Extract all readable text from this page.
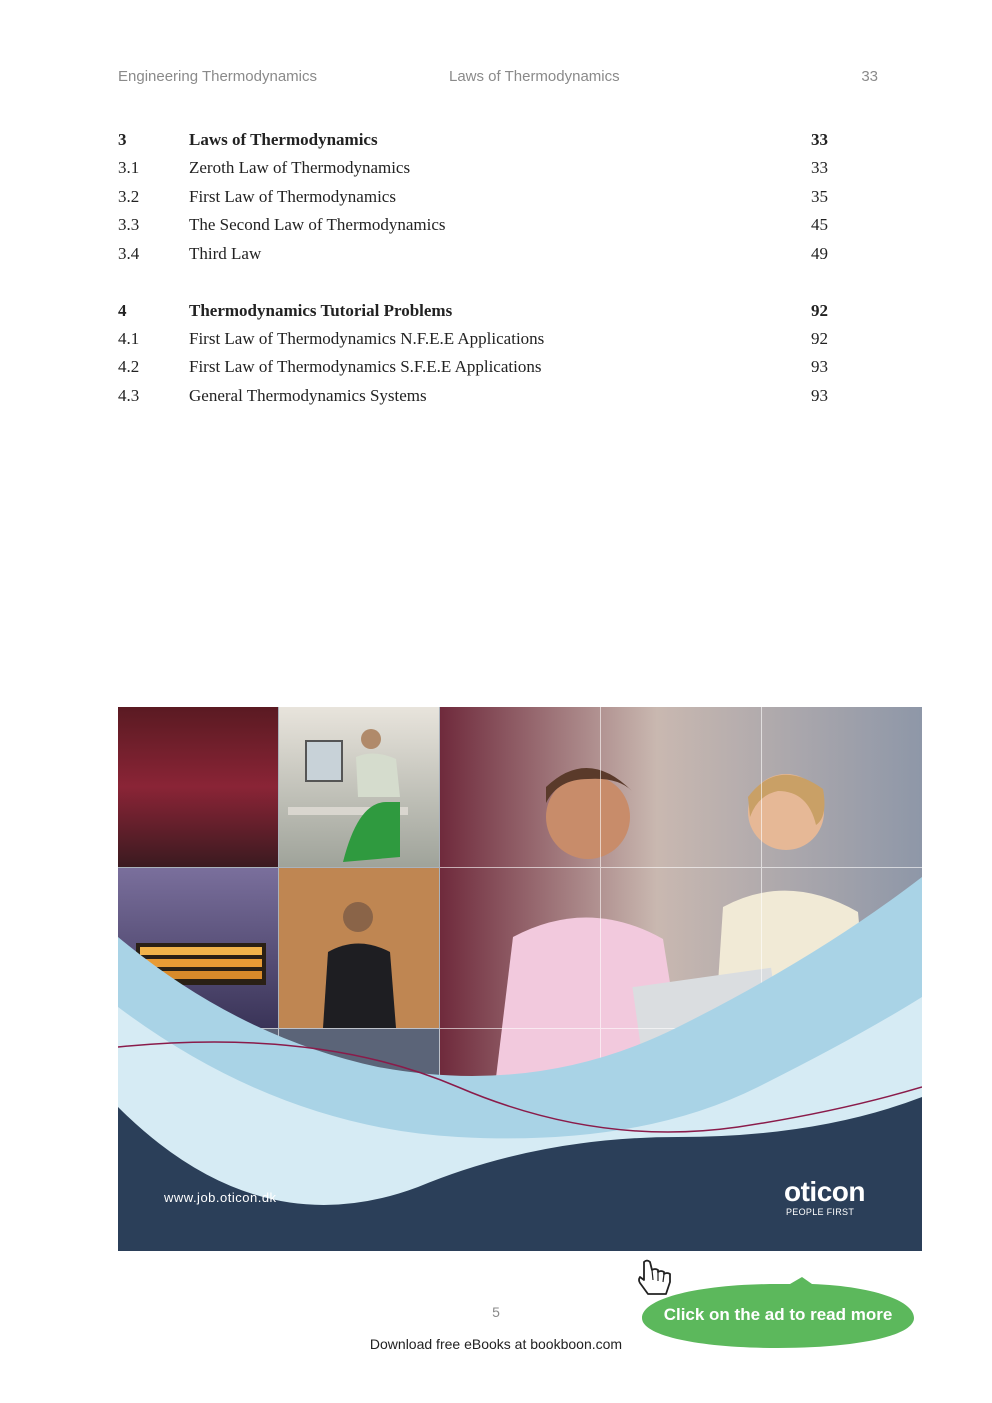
Engineering Thermodynamics	Laws of Thermodynamics	33
3	Laws of Thermodynamics	33
3.1	Zeroth Law of Thermodynamics	33
3.2	First Law of Thermodynamics	35
3.3	The Second Law of Thermodynamics	45
3.4	Third Law	49
4	Thermodynamics Tutorial Problems	92
4.1	First Law of Thermodynamics N.F.E.E Applications	92
4.2	First Law of Thermodynamics S.F.E.E Applications	93
4.3	General Thermodynamics Systems	93
www.job.oticon.dk	oticon
PEOPLE FIRST
5
Download free eBooks at bookboon.com
Click on the ad to read more
